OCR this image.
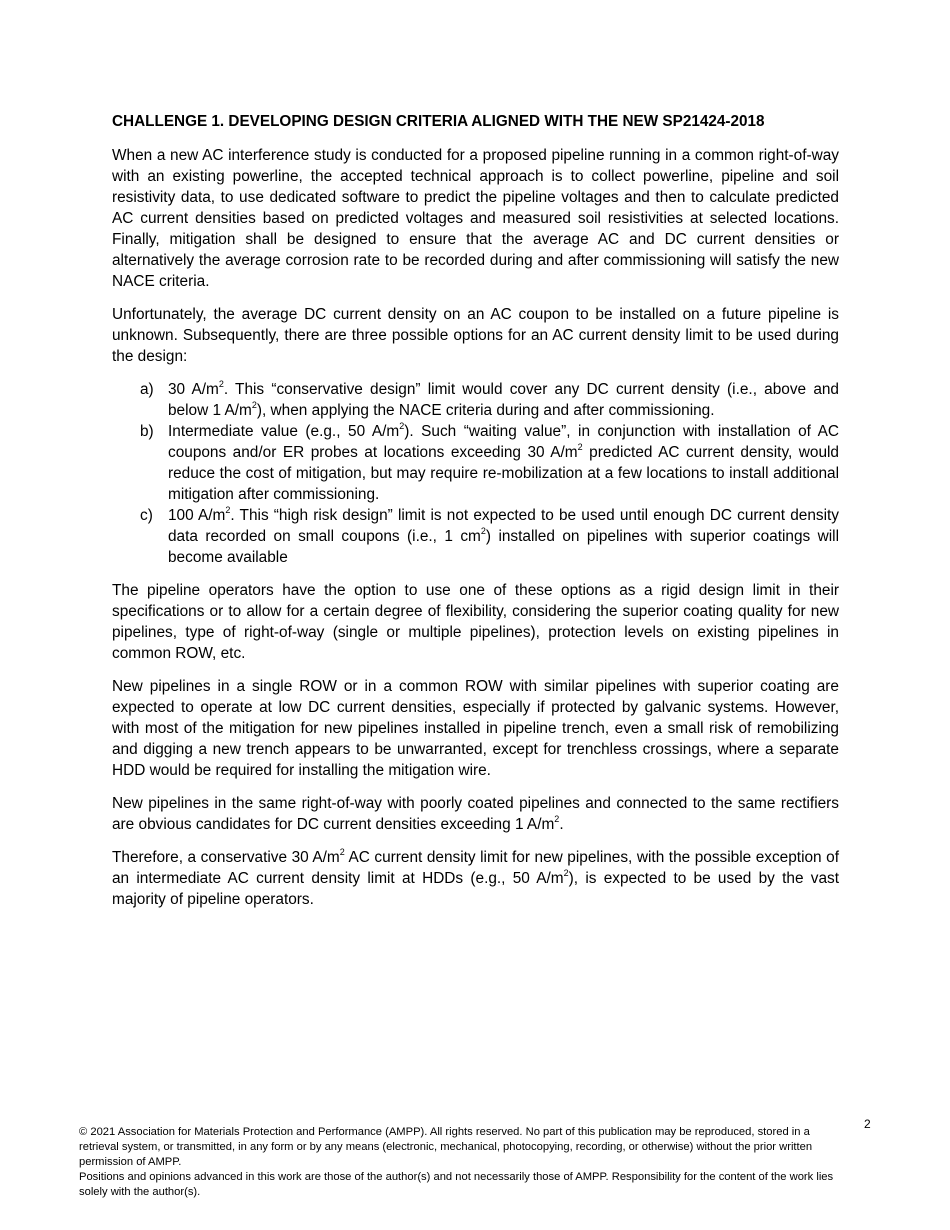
CHALLENGE 1. DEVELOPING DESIGN CRITERIA ALIGNED WITH THE NEW SP21424-2018

When a new AC interference study is conducted for a proposed pipeline running in a common right-of-way with an existing powerline, the accepted technical approach is to collect powerline, pipeline and soil resistivity data, to use dedicated software to predict the pipeline voltages and then to calculate predicted AC current densities based on predicted voltages and measured soil resistivities at selected locations. Finally, mitigation shall be designed to ensure that the average AC and DC current densities or alternatively the average corrosion rate to be recorded during and after commissioning will satisfy the new NACE criteria.

Unfortunately, the average DC current density on an AC coupon to be installed on a future pipeline is unknown. Subsequently, there are three possible options for an AC current density limit to be used during the design:

a) 30 $A/m^2$. This “conservative design” limit would cover any DC current density (i.e., above and below 1 $A/m^2$), when applying the NACE criteria during and after commissioning.
b) Intermediate value (e.g., 50 $A/m^2$). Such “waiting value”, in conjunction with installation of AC coupons and/or ER probes at locations exceeding 30 $A/m^2$ predicted AC current density, would reduce the cost of mitigation, but may require re-mobilization at a few locations to install additional mitigation after commissioning.
c) 100 $A/m^2$. This “high risk design” limit is not expected to be used until enough DC current density data recorded on small coupons (i.e., 1 $cm^2$) installed on pipelines with superior coatings will become available

The pipeline operators have the option to use one of these options as a rigid design limit in their specifications or to allow for a certain degree of flexibility, considering the superior coating quality for new pipelines, type of right-of-way (single or multiple pipelines), protection levels on existing pipelines in common ROW, etc.

New pipelines in a single ROW or in a common ROW with similar pipelines with superior coating are expected to operate at low DC current densities, especially if protected by galvanic systems. However, with most of the mitigation for new pipelines installed in pipeline trench, even a small risk of remobilizing and digging a new trench appears to be unwarranted, except for trenchless crossings, where a separate HDD would be required for installing the mitigation wire.

New pipelines in the same right-of-way with poorly coated pipelines and connected to the same rectifiers are obvious candidates for DC current densities exceeding 1 $A/m^2$.

Therefore, a conservative 30 $A/m^2$ AC current density limit for new pipelines, with the possible exception of an intermediate AC current density limit at HDDs (e.g., 50 $A/m^2$), is expected to be used by the vast majority of pipeline operators.

2
© 2021 Association for Materials Protection and Performance (AMPP). All rights reserved. No part of this publication may be reproduced, stored in a retrieval system, or transmitted, in any form or by any means (electronic, mechanical, photocopying, recording, or otherwise) without the prior written permission of AMPP.
Positions and opinions advanced in this work are those of the author(s) and not necessarily those of AMPP. Responsibility for the content of the work lies solely with the author(s).
